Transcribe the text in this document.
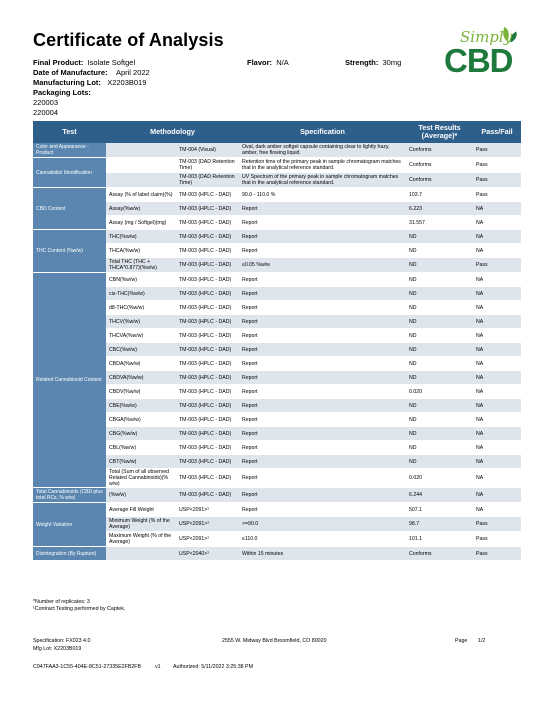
Certificate of Analysis
Final Product: Isolate Softgel
Date of Manufacture: April 2022
Manufacturing Lot: X2203B019
Packaging Lots:
220003
220004
Flavor: N/A	Strength: 30mg
Simply
CBD
Test	Methodology		Specification	Test Results
(Average)*	Pass/Fail
Color and Appearance - Product		TM-004 (Visual)	Oval, dark amber softgel capsule containing clear to lightly hazy, amber, free flowing liquid.	Conforms	Pass
Cannabidiol Identification		TM-003 (DAD Retention Time)	Retention time of the primary peak in sample chromatogram matches that in the analytical reference standard.	Conforms	Pass
		TM-003 (DAD Retention Time)	UV Spectrum of the primary peak in sample chromatogram matches that in the analytical reference standard.	Conforms	Pass
CBD Content	Assay (% of label claim)(%)	TM-003 (HPLC - DAD)	90.0 - 110.0 %	103.7	Pass
	Assay(%w/w)	TM-003 (HPLC - DAD)	Report	6.223	NA
	Assay (mg / Softgel)(mg)	TM-003 (HPLC - DAD)	Report	31.557	NA
THC Content (%w/w)	THC(%w/w)	TM-003 (HPLC - DAD)	Report	ND	NA
	THCA(%w/w)	TM-003 (HPLC - DAD)	Report	ND	NA
	Total THC (THC + THCA*0.877)(%w/w)	TM-003 (HPLC - DAD)	≤0.05 %w/w	ND	Pass
Related Cannabinoid Content	CBN(%w/w)	TM-003 (HPLC - DAD)	Report	ND	NA
	cis-THC(%w/w)	TM-003 (HPLC - DAD)	Report	ND	NA
	d8-THC(%w/w)	TM-003 (HPLC - DAD)	Report	ND	NA
	THCV(%w/w)	TM-003 (HPLC - DAD)	Report	ND	NA
	THCVA(%w/w)	TM-003 (HPLC - DAD)	Report	ND	NA
	CBC(%w/w)	TM-003 (HPLC - DAD)	Report	ND	NA
	CBDA(%w/w)	TM-003 (HPLC - DAD)	Report	ND	NA
	CBDVA(%w/w)	TM-003 (HPLC - DAD)	Report	ND	NA
	CBDV(%w/w)	TM-003 (HPLC - DAD)	Report	0.020	NA
	CBE(%w/w)	TM-003 (HPLC - DAD)	Report	ND	NA
	CBGA(%w/w)	TM-003 (HPLC - DAD)	Report	ND	NA
	CBG(%w/w)	TM-003 (HPLC - DAD)	Report	ND	NA
	CBL(%w/w)	TM-003 (HPLC - DAD)	Report	ND	NA
	CBT(%w/w)	TM-003 (HPLC - DAD)	Report	ND	NA
	Total (Sum of all observed Related Cannabinoids)(% w/w)	TM-003 (HPLC - DAD)	Report	0.020	NA
Total Cannabinoids (CBD plus total RCs, % w/w)	(%w/w)	TM-003 (HPLC - DAD)	Report	6.244	NA
Weight Variation	Average Fill Weight	USP<2091>¹	Report	507.1	NA
	Minimum Weight (% of the Average)	USP<2091>¹	>=90.0	98.7	Pass
	Maximum Weight (% of the Average)	USP<2091>¹	≤110.0	101.1	Pass
Disintegration (By Rupture)		USP<2040>¹	Within 15 minutes	Conforms	Pass
*Number of replicates: 3
¹Contract Testing performed by Captek.
Specification: FX023 4.0	2555 W. Midway Blvd Broomfield, CO 80020	Page 1/2
Mfg Lot: X2203B019
C947FAA3-1C55-404E-8C51-27335E2FB2FB	v1 Authorized: 5/11/2022 3:25:38 PM
